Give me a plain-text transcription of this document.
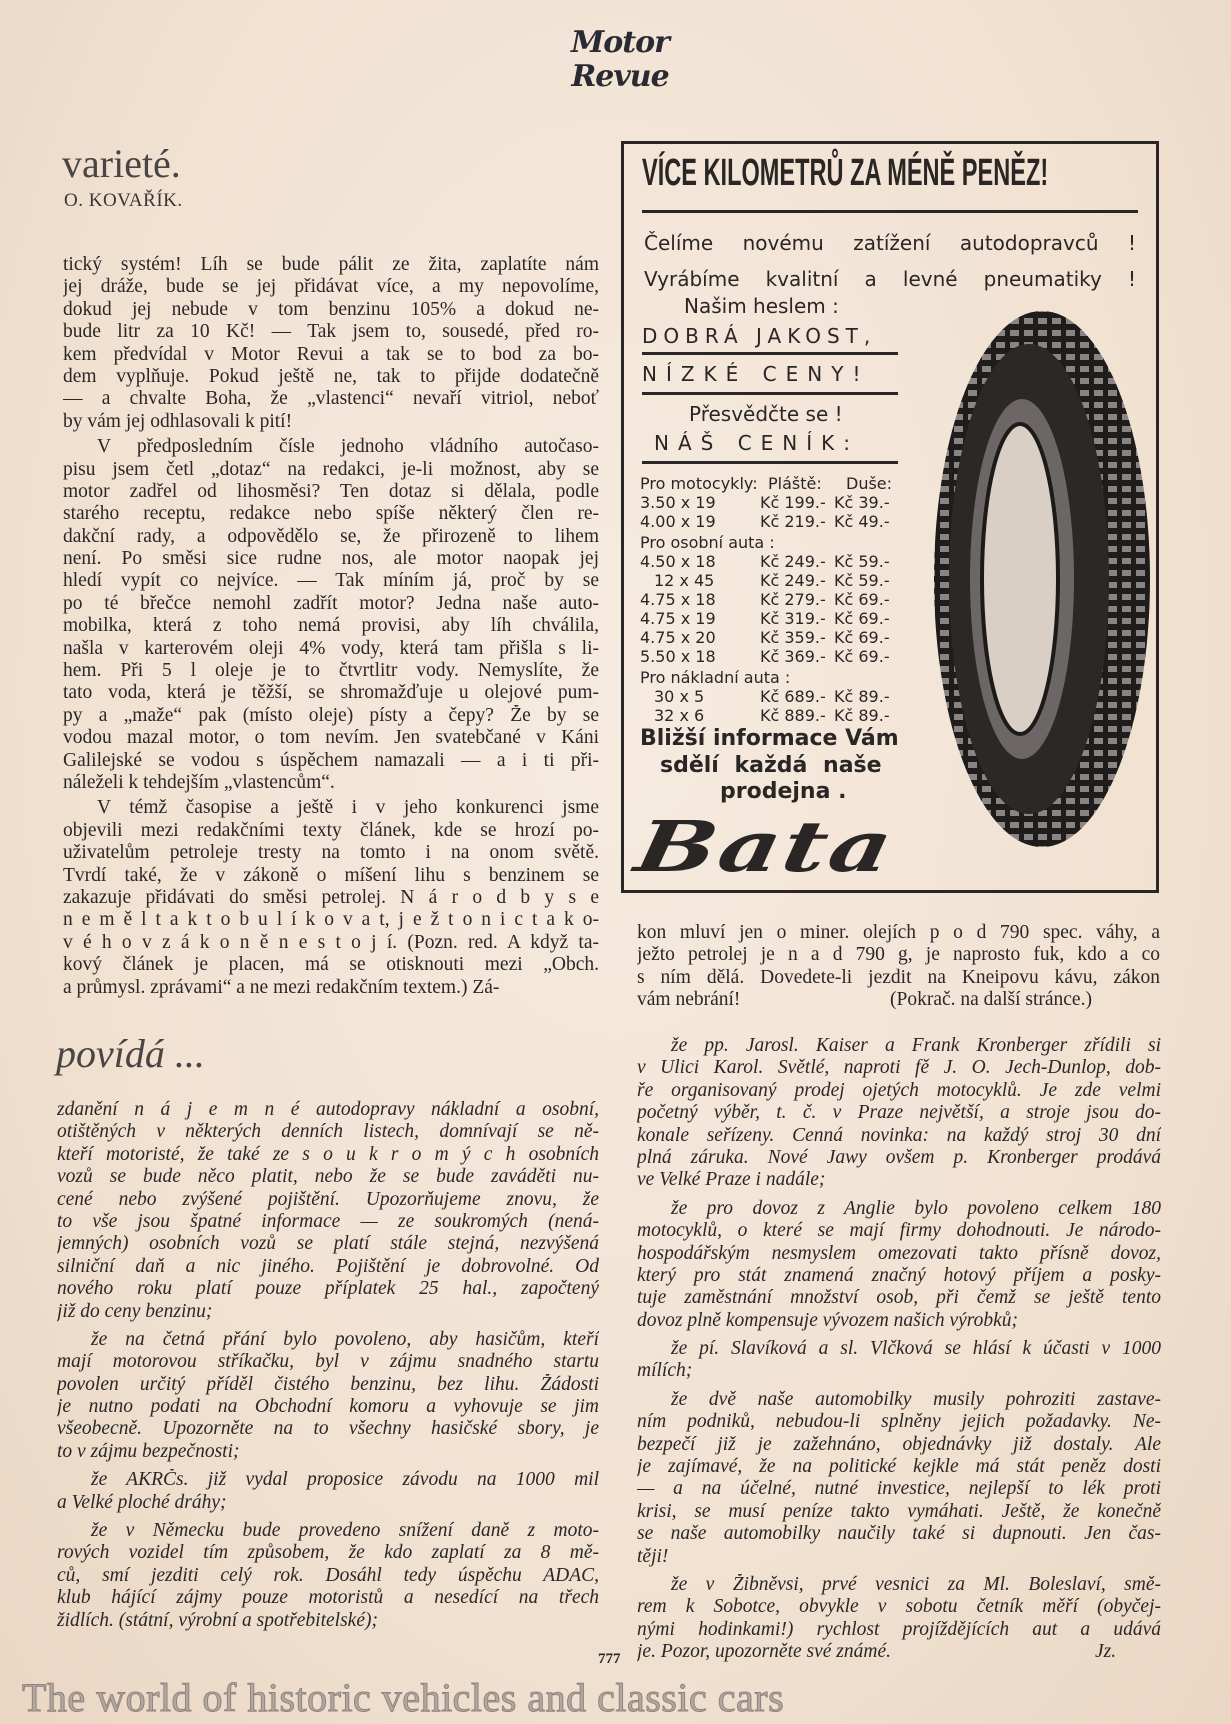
Motor
Revue
varieté.
O. KOVAŘÍK.
tický systém! Líh se bude pálit ze žita, zaplatíte nám
jej dráže, bude se jej přidávat více, a my nepovolíme,
dokud jej nebude v tom benzinu 105% a dokud ne-
bude litr za 10 Kč! — Tak jsem to, sousedé, před ro-
kem předvídal v Motor Revui a tak se to bod za bo-
dem vyplňuje. Pokud ještě ne, tak to přijde dodatečně
— a chvalte Boha, že „vlastenci“ nevaří vitriol, neboť
by vám jej odhlasovali k pití!
V předposledním čísle jednoho vládního autočaso-
pisu jsem četl „dotaz“ na redakci, je-li možnost, aby se
motor zadřel od lihosměsi? Ten dotaz si dělala, podle
starého receptu, redakce nebo spíše některý člen re-
dakční rady, a odpovědělo se, že přirozeně to lihem
není. Po směsi sice rudne nos, ale motor naopak jej
hledí vypít co nejvíce. — Tak míním já, proč by se
po té břečce nemohl zadřít motor? Jedna naše auto-
mobilka, která z toho nemá provisi, aby líh chválila,
našla v karterovém oleji 4% vody, která tam přišla s li-
hem. Při 5 l oleje je to čtvrtlitr vody. Nemyslíte, že
tato voda, která je těžší, se shromažďuje u olejové pum-
py a „maže“ pak (místo oleje) písty a čepy? Že by se
vodou mazal motor, o tom nevím. Jen svatebčané v Káni
Galilejské se vodou s úspěchem namazali — a i ti při-
náleželi k tehdejším „vlastencům“.
V témž časopise a ještě i v jeho konkurenci jsme
objevili mezi redakčními texty článek, kde se hrozí po-
uživatelům petroleje tresty na tomto i na onom světě.
Tvrdí také, že v zákoně o míšení lihu s benzinem se
zakazuje přidávati do směsi petrolej. N á r o d b y s e
n e m ě l t a k t o b u l í k o v a t, j e ž t o n i c t a k o-
v é h o v z á k o n ě n e s t o j í. (Pozn. red. A když ta-
kový článek je placen, má se otisknouti mezi „Obch.
a průmysl. zprávami“ a ne mezi redakčním textem.) Zá-
kon mluví jen o miner. olejích p o d 790 spec. váhy, a
ježto petrolej je n a d 790 g, je naprosto fuk, kdo a co
s ním dělá. Dovedete-li jezdit na Kneipovu kávu, zákon
vám nebrání!	(Pokrač. na další stránce.)
povídá ...
zdanění n á j e m n é autodopravy nákladní a osobní,
otištěných v některých denních listech, domnívají se ně-
kteří motoristé, že také ze s o u k r o m ý c h osobních
vozů se bude něco platit, nebo že se bude zaváděti nu-
cené nebo zvýšené pojištění. Upozorňujeme znovu, že
to vše jsou špatné informace — ze soukromých (nená-
jemných) osobních vozů se platí stále stejná, nezvýšená
silniční daň a nic jiného. Pojištění je dobrovolné. Od
nového roku platí pouze příplatek 25 hal., započtený
již do ceny benzinu;
že na četná přání bylo povoleno, aby hasičům, kteří
mají motorovou stříkačku, byl v zájmu snadného startu
povolen určitý příděl čistého benzinu, bez lihu. Žádosti
je nutno podati na Obchodní komoru a vyhovuje se jim
všeobecně. Upozorněte na to všechny hasičské sbory, je
to v zájmu bezpečnosti;
že AKRČs. již vydal proposice závodu na 1000 mil
a Velké ploché dráhy;
že v Německu bude provedeno snížení daně z moto-
rových vozidel tím způsobem, že kdo zaplatí za 8 mě-
ců, smí jezditi celý rok. Dosáhl tedy úspěchu ADAC,
klub hájící zájmy pouze motoristů a nesedící na třech
židlích. (státní, výrobní a spotřebitelské);
že pp. Jarosl. Kaiser a Frank Kronberger zřídili si
v Ulici Karol. Světlé, naproti fě J. O. Jech-Dunlop, dob-
ře organisovaný prodej ojetých motocyklů. Je zde velmi
početný výběr, t. č. v Praze největší, a stroje jsou do-
konale seřízeny. Cenná novinka: na každý stroj 30 dní
plná záruka. Nové Jawy ovšem p. Kronberger prodává
ve Velké Praze i nadále;
že pro dovoz z Anglie bylo povoleno celkem 180
motocyklů, o které se mají firmy dohodnouti. Je národo-
hospodářským nesmyslem omezovati takto přísně dovoz,
který pro stát znamená značný hotový příjem a posky-
tuje zaměstnání množství osob, při čemž se ještě tento
dovoz plně kompensuje vývozem našich výrobků;
že pí. Slavíková a sl. Vlčková se hlásí k účasti v 1000
mílích;
že dvě naše automobilky musily pohroziti zastave-
ním podniků, nebudou-li splněny jejich požadavky. Ne-
bezpečí již je zažehnáno, objednávky již dostaly. Ale
je zajímavé, že na politické kejkle má stát peněz dosti
— a na účelné, nutné investice, nejlepší to lék proti
krisi, se musí peníze takto vymáhati. Ještě, že konečně
se naše automobilky naučily také si dupnouti. Jen čas-
těji!
že v Žibněvsi, prvé vesnici za Ml. Boleslaví, smě-
rem k Sobotce, obvykle v sobotu četník měří (obyčej-
nými hodinkami!) rychlost projíždějících aut a udává
je. Pozor, upozorněte své známé.	Jz.
VÍCE KILOMETRŮ ZA MÉNĚ PENĚZ!
Čelíme novému zatížení autodopravců !
Vyrábíme kvalitní a levné pneumatiky !
Našim heslem :
DOBRÁ JAKOST,
NÍZKÉ CENY!
Přesvědčte se !
NÁŠ CENÍK:
Pro motocykly: Pláště: Duše:
3.50 x 19	Kč 199.- Kč 39.-
4.00 x 19	Kč 219.- Kč 49.-
Pro osobní auta :
4.50 x 18	Kč 249.- Kč 59.-
12 x 45	Kč 249.- Kč 59.-
4.75 x 18	Kč 279.- Kč 69.-
4.75 x 19	Kč 319.- Kč 69.-
4.75 x 20	Kč 359.- Kč 69.-
5.50 x 18	Kč 369.- Kč 69.-
Pro nákladní auta :
30 x 5	Kč 689.- Kč 89.-
32 x 6	Kč 889.- Kč 89.-
Bližší informace Vám
sdělí každá naše
prodejna .
Bata
777
The world of historic vehicles and classic cars
